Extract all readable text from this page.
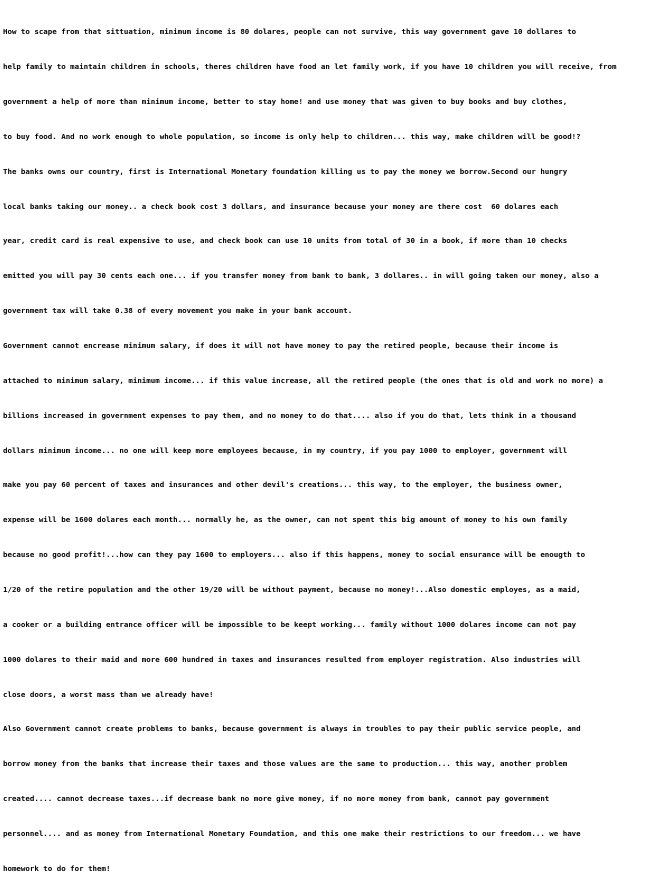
How to scape from that sittuation, minimum income is 80 dolares, people can not survive, this way government gave 10 dollares to

help family to maintain children in schools, theres children have food an let family work, if you have 10 children you will receive, from

government a help of more than minimum income, better to stay home! and use money that was given to buy books and buy clothes,

to buy food. And no work enough to whole population, so income is only help to children... this way, make children will be good!?

The banks owns our country, first is International Monetary foundation killing us to pay the money we borrow.Second our hungry

local banks taking our money.. a check book cost 3 dollars, and insurance because your money are there cost  60 dolares each

year, credit card is real expensive to use, and check book can use 10 units from total of 30 in a book, if more than 10 checks

emitted you will pay 30 cents each one... if you transfer money from bank to bank, 3 dollares.. in will going taken our money, also a

government tax will take 0.38 of every movement you make in your bank account.

Government cannot encrease minimum salary, if does it will not have money to pay the retired people, because their income is

attached to minimum salary, minimum income... if this value increase, all the retired people (the ones that is old and work no more) a

billions increased in government expenses to pay them, and no money to do that.... also if you do that, lets think in a thousand

dollars minimum income... no one will keep more employees because, in my country, if you pay 1000 to employer, government will

make you pay 60 percent of taxes and insurances and other devil's creations... this way, to the employer, the business owner,

expense will be 1600 dolares each month... normally he, as the owner, can not spent this big amount of money to his own family

because no good profit!...how can they pay 1600 to employers... also if this happens, money to social ensurance will be enougth to

1/20 of the retire population and the other 19/20 will be without payment, because no money!...Also domestic employes, as a maid,

a cooker or a building entrance officer will be impossible to be keept working... family without 1000 dolares income can not pay

1000 dolares to their maid and more 600 hundred in taxes and insurances resulted from employer registration. Also industries will

close doors, a worst mass than we already have!

Also Government cannot create problems to banks, because government is always in troubles to pay their public service people, and

borrow money from the banks that increase their taxes and those values are the same to production... this way, another problem

created.... cannot decrease taxes...if decrease bank no more give money, if no more money from bank, cannot pay government

personnel.... and as money from International Monetary Foundation, and this one make their restrictions to our freedom... we have

homework to do for them!
